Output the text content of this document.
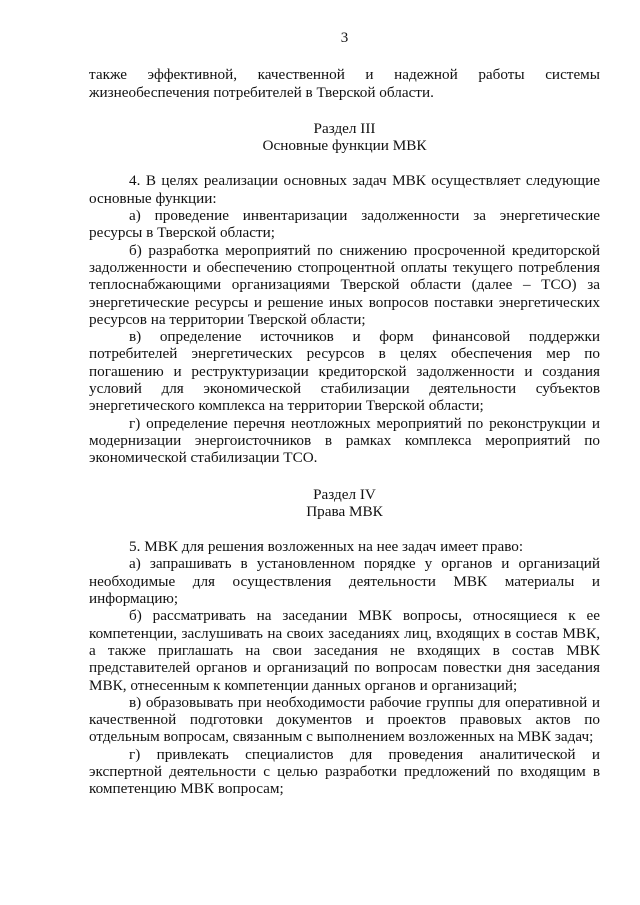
3

также эффективной, качественной и надежной работы системы жизнеобеспечения потребителей в Тверской области.

Раздел III
Основные функции МВК

4. В целях реализации основных задач МВК осуществляет следующие основные функции:

а) проведение инвентаризации задолженности за энергетические ресурсы в Тверской области;

б) разработка мероприятий по снижению просроченной кредиторской задолженности и обеспечению стопроцентной оплаты текущего потребления теплоснабжающими организациями Тверской области (далее – ТСО) за энергетические ресурсы и решение иных вопросов поставки энергетических ресурсов на территории Тверской области;

в) определение источников и форм финансовой поддержки потребителей энергетических ресурсов в целях обеспечения мер по погашению и реструктуризации кредиторской задолженности и создания условий для экономической стабилизации деятельности субъектов энергетического комплекса на территории Тверской области;

г) определение перечня неотложных мероприятий по реконструкции и модернизации энергоисточников в рамках комплекса мероприятий по экономической стабилизации ТСО.

Раздел IV
Права МВК

5. МВК для решения возложенных на нее задач имеет право:

а) запрашивать в установленном порядке у органов и организаций необходимые для осуществления деятельности МВК материалы и информацию;

б) рассматривать на заседании МВК вопросы, относящиеся к ее компетенции, заслушивать на своих заседаниях лиц, входящих в состав МВК, а также приглашать на свои заседания не входящих в состав МВК представителей органов и организаций по вопросам повестки дня заседания МВК, отнесенным к компетенции данных органов и организаций;

в) образовывать при необходимости рабочие группы для оперативной и качественной подготовки документов и проектов правовых актов по отдельным вопросам, связанным с выполнением возложенных на МВК задач;

г) привлекать специалистов для проведения аналитической и экспертной деятельности с целью разработки предложений по входящим в компетенцию МВК вопросам;
